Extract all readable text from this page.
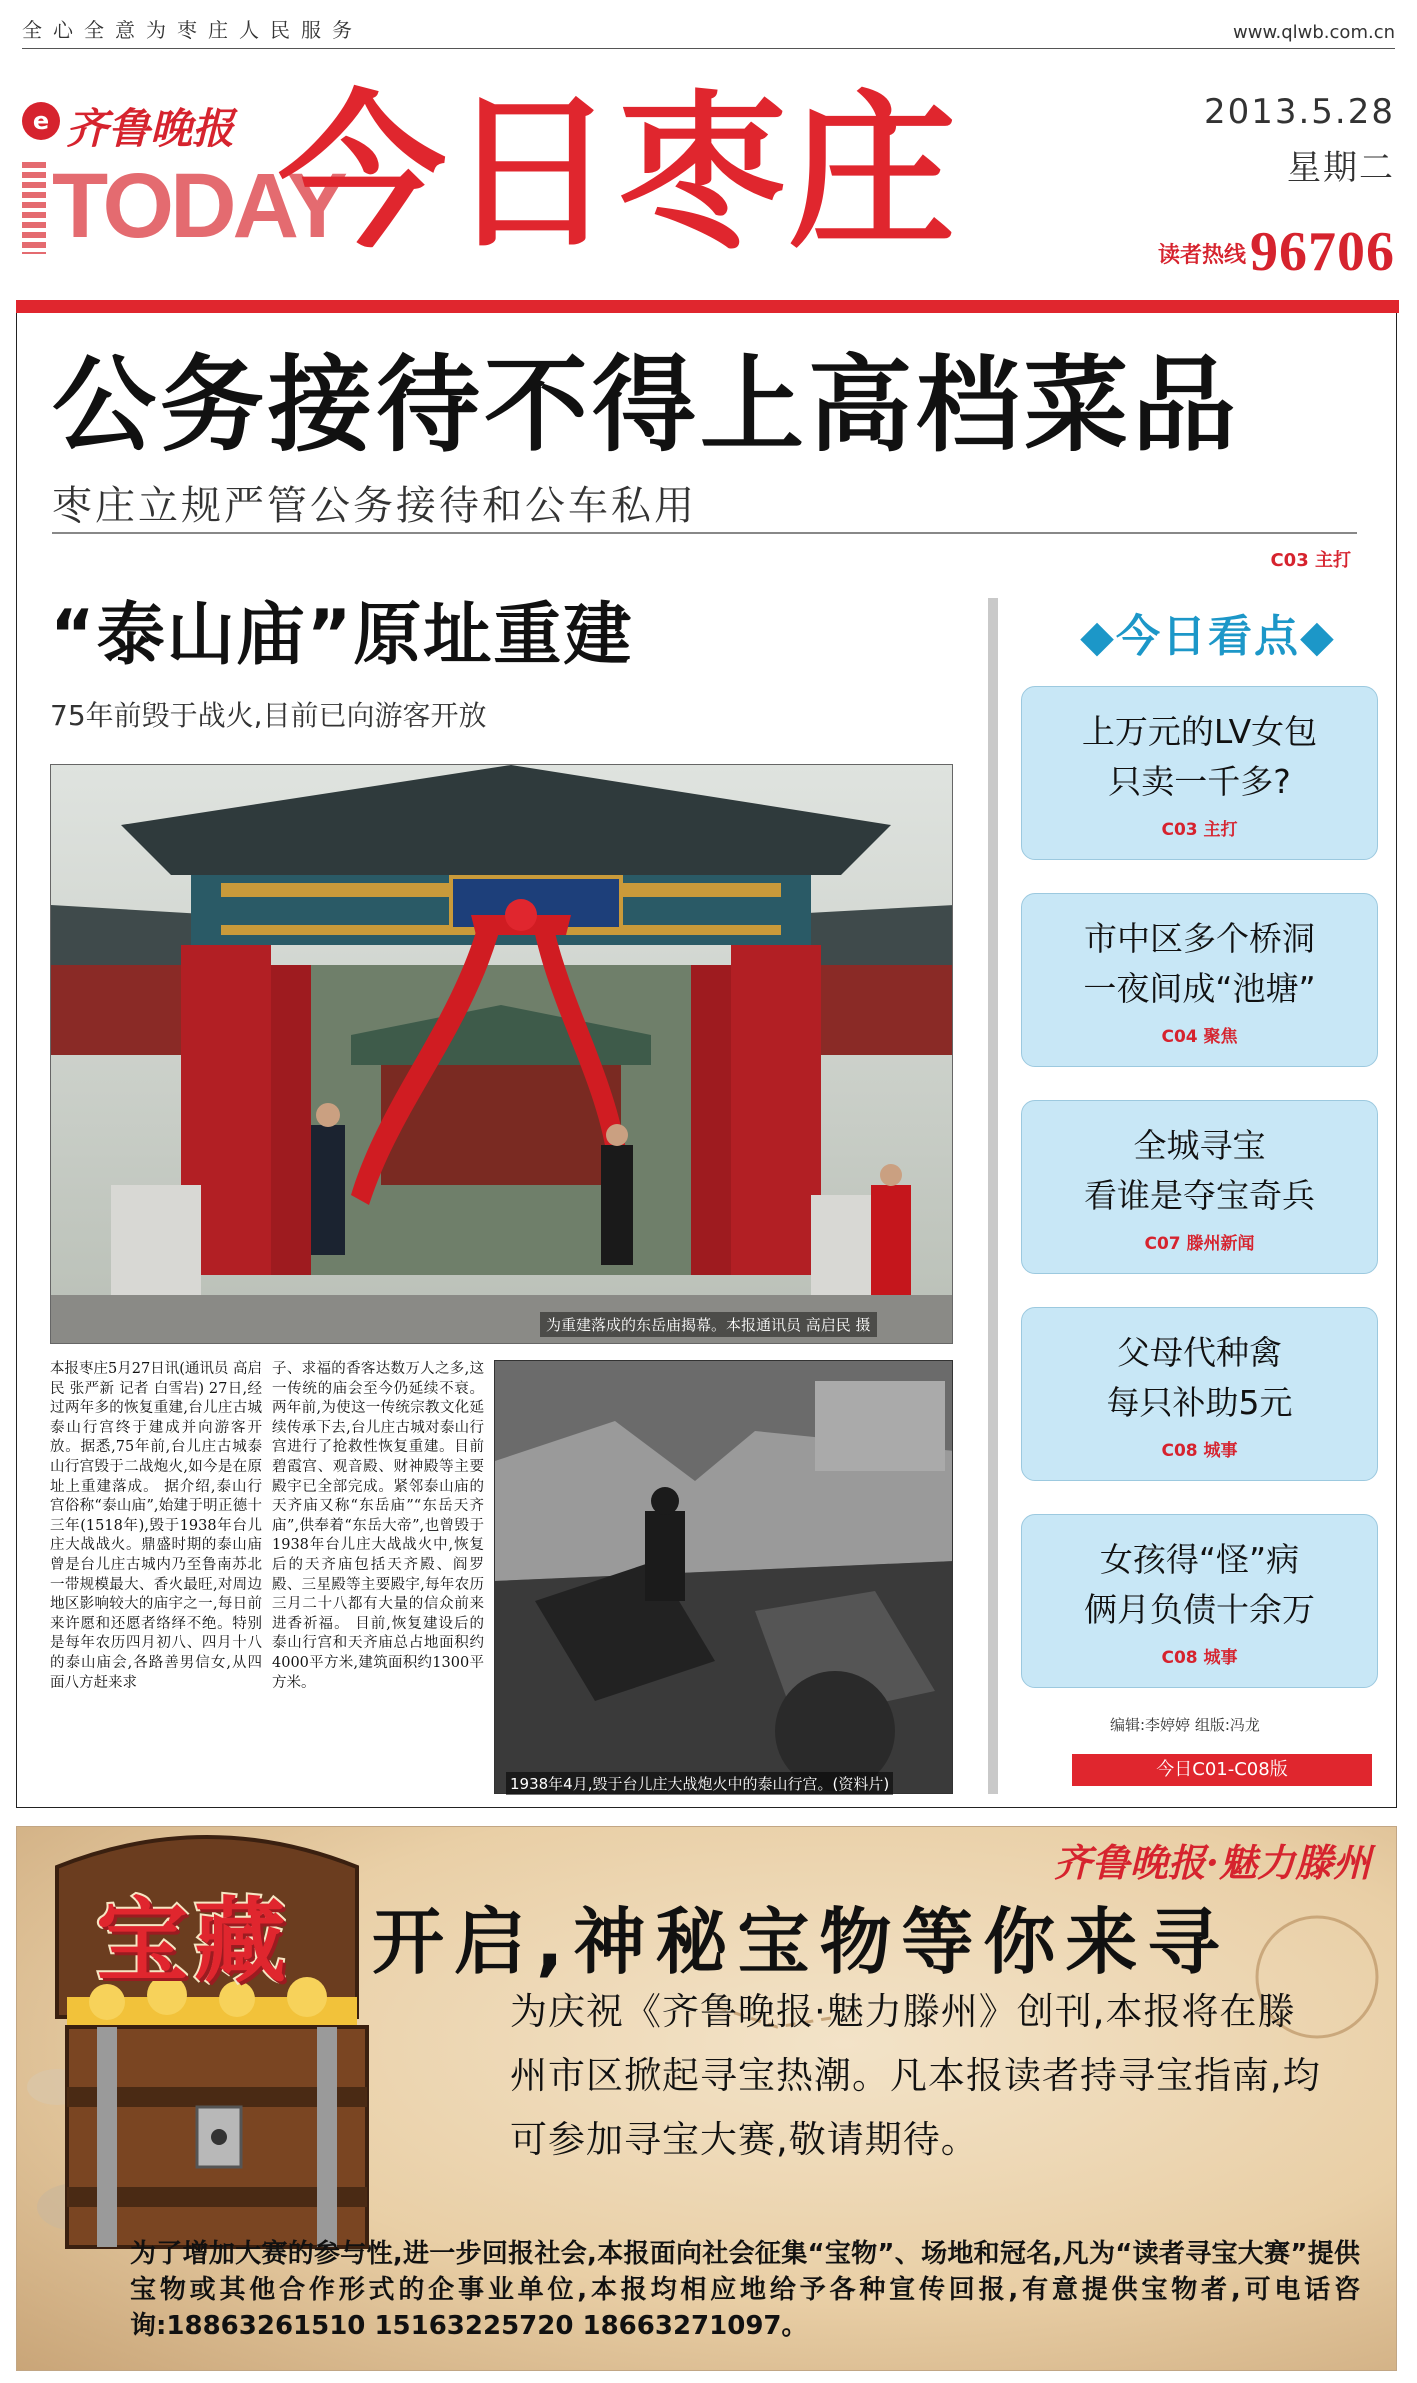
全心全意为枣庄人民服务	www.qlwb.com.cn
e 齐鲁晚报
TODAY
今日枣庄	2013.5.28
星期二
读者热线 96706
公务接待不得上高档菜品
枣庄立规严管公务接待和公车私用
C03 主打
“泰山庙”原址重建
75年前毁于战火,目前已向游客开放
为重建落成的东岳庙揭幕。本报通讯员 高启民 摄
本报枣庄5月27日讯(通讯员 高启民 张严新 记者 白雪岩) 27日,经过两年多的恢复重建,台儿庄古城泰山行宫终于建成并向游客开放。据悉,75年前,台儿庄古城泰山行宫毁于二战炮火,如今是在原址上重建落成。 据介绍,泰山行宫俗称“泰山庙”,始建于明正德十三年(1518年),毁于1938年台儿庄大战战火。鼎盛时期的泰山庙曾是台儿庄古城内乃至鲁南苏北一带规模最大、香火最旺,对周边地区影响较大的庙宇之一,每日前来许愿和还愿者络绎不绝。特别是每年农历四月初八、四月十八的泰山庙会,各路善男信女,从四面八方赶来求
子、求福的香客达数万人之多,这一传统的庙会至今仍延续不衰。 两年前,为使这一传统宗教文化延续传承下去,台儿庄古城对泰山行宫进行了抢救性恢复重建。目前碧霞宫、观音殿、财神殿等主要殿宇已全部完成。紧邻泰山庙的天齐庙又称“东岳庙”“东岳天齐庙”,供奉着“东岳大帝”,也曾毁于1938年台儿庄大战战火中,恢复后的天齐庙包括天齐殿、阎罗殿、三星殿等主要殿宇,每年农历三月二十八都有大量的信众前来进香祈福。 目前,恢复建设后的泰山行宫和天齐庙总占地面积约4000平方米,建筑面积约1300平方米。
1938年4月,毁于台儿庄大战炮火中的泰山行宫。(资料片)
◆今日看点◆
上万元的LV女包
只卖一千多?
C03 主打
市中区多个桥洞
一夜间成“池塘”
C04 聚焦
全城寻宝
看谁是夺宝奇兵
C07 滕州新闻
父母代种禽
每只补助5元
C08 城事
女孩得“怪”病
俩月负债十余万
C08 城事
编辑:李婷婷 组版:冯龙
今日C01-C08版
齐鲁晚报·魅力滕州
宝藏 开启,神秘宝物等你来寻
为庆祝《齐鲁晚报·魅力滕州》创刊,本报将在滕州市区掀起寻宝热潮。凡本报读者持寻宝指南,均可参加寻宝大赛,敬请期待。
为了增加大赛的参与性,进一步回报社会,本报面向社会征集“宝物”、场地和冠名,凡为“读者寻宝大赛”提供宝物或其他合作形式的企事业单位,本报均相应地给予各种宣传回报,有意提供宝物者,可电话咨询:18863261510 15163225720 18663271097。
